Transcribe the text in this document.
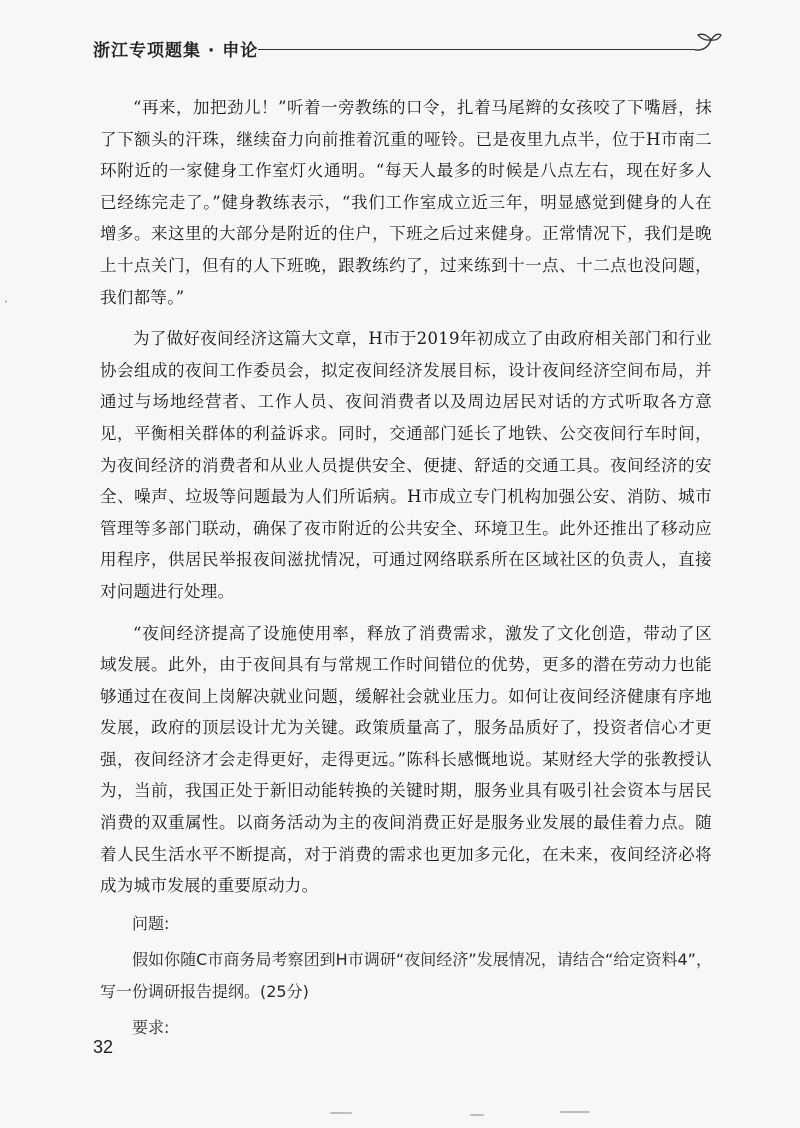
浙江专项题集 · 申论

“再来，加把劲儿！”听着一旁教练的口令，扎着马尾辫的女孩咬了下嘴唇，抹了下额头的汗珠，继续奋力向前推着沉重的哑铃。已是夜里九点半，位于H市南二环附近的一家健身工作室灯火通明。“每天人最多的时候是八点左右，现在好多人已经练完走了。”健身教练表示，“我们工作室成立近三年，明显感觉到健身的人在增多。来这里的大部分是附近的住户，下班之后过来健身。正常情况下，我们是晚上十点关门，但有的人下班晚，跟教练约了，过来练到十一点、十二点也没问题，我们都等。”

为了做好夜间经济这篇大文章，H市于2019年初成立了由政府相关部门和行业协会组成的夜间工作委员会，拟定夜间经济发展目标，设计夜间经济空间布局，并通过与场地经营者、工作人员、夜间消费者以及周边居民对话的方式听取各方意见，平衡相关群体的利益诉求。同时，交通部门延长了地铁、公交夜间行车时间，为夜间经济的消费者和从业人员提供安全、便捷、舒适的交通工具。夜间经济的安全、噪声、垃圾等问题最为人们所诟病。H市成立专门机构加强公安、消防、城市管理等多部门联动，确保了夜市附近的公共安全、环境卫生。此外还推出了移动应用程序，供居民举报夜间滋扰情况，可通过网络联系所在区域社区的负责人，直接对问题进行处理。

“夜间经济提高了设施使用率，释放了消费需求，激发了文化创造，带动了区域发展。此外，由于夜间具有与常规工作时间错位的优势，更多的潜在劳动力也能够通过在夜间上岗解决就业问题，缓解社会就业压力。如何让夜间经济健康有序地发展，政府的顶层设计尤为关键。政策质量高了，服务品质好了，投资者信心才更强，夜间经济才会走得更好，走得更远。”陈科长感慨地说。某财经大学的张教授认为，当前，我国正处于新旧动能转换的关键时期，服务业具有吸引社会资本与居民消费的双重属性。以商务活动为主的夜间消费正好是服务业发展的最佳着力点。随着人民生活水平不断提高，对于消费的需求也更加多元化，在未来，夜间经济必将成为城市发展的重要原动力。

问题:

假如你随C市商务局考察团到H市调研“夜间经济”发展情况，请结合“给定资料4”，写一份调研报告提纲。(25分)

要求:

32
